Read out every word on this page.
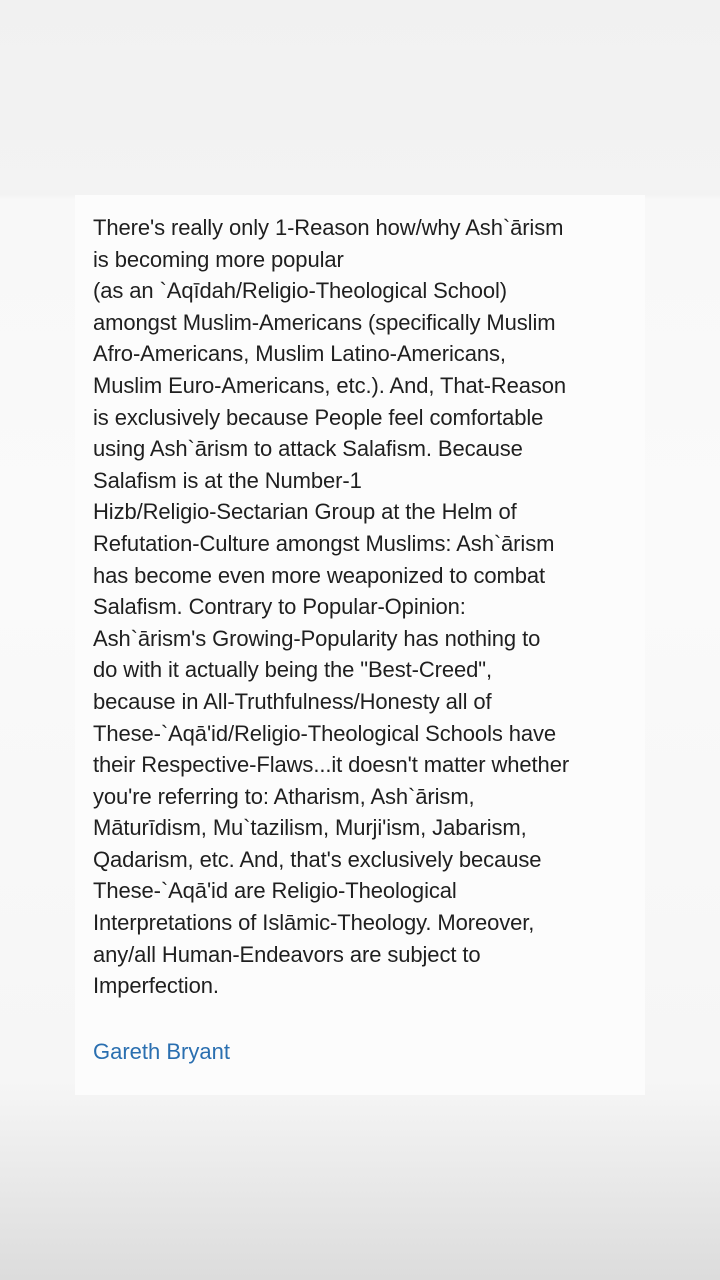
There's really only 1-Reason how/why Ash`ārism
is becoming more popular
(as an `Aqīdah/Religio-Theological School)
amongst Muslim-Americans (specifically Muslim
Afro-Americans, Muslim Latino-Americans,
Muslim Euro-Americans, etc.). And, That-Reason
is exclusively because People feel comfortable
using Ash`ārism to attack Salafism. Because
Salafism is at the Number-1
Hizb/Religio-Sectarian Group at the Helm of
Refutation-Culture amongst Muslims: Ash`ārism
has become even more weaponized to combat
Salafism. Contrary to Popular-Opinion:
Ash`ārism's Growing-Popularity has nothing to
do with it actually being the "Best-Creed",
because in All-Truthfulness/Honesty all of
These-`Aqā'id/Religio-Theological Schools have
their Respective-Flaws...it doesn't matter whether
you're referring to: Atharism, Ash`ārism,
Māturīdism, Mu`tazilism, Murji'ism, Jabarism,
Qadarism, etc. And, that's exclusively because
These-`Aqā'id are Religio-Theological
Interpretations of Islāmic-Theology. Moreover,
any/all Human-Endeavors are subject to
Imperfection.

Gareth Bryant
